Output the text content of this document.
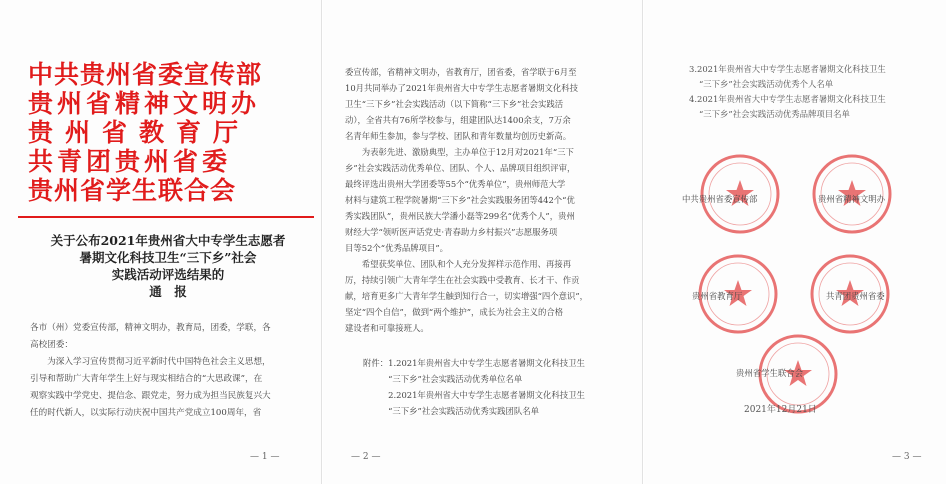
中共贵州省委宣传部
贵州省精神文明办
贵州省教育厅
共青团贵州省委
贵州省学生联合会
关于公布2021年贵州省大中专学生志愿者
暑期文化科技卫生“三下乡”社会
实践活动评选结果的
通　报
各市（州）党委宣传部，精神文明办，教育局，团委，学联，各
高校团委：
　　为深入学习宣传贯彻习近平新时代中国特色社会主义思想，
引导和帮助广大青年学生上好与现实相结合的“大思政课”，在
观察实践中学党史、提信念、跟党走，努力成为担当民族复兴大
任的时代新人，以实际行动庆祝中国共产党成立100周年，省
— 1 —
委宣传部，省精神文明办，省教育厅，团省委，省学联于6月至
10月共同举办了2021年贵州省大中专学生志愿者暑期文化科技
卫生“三下乡”社会实践活动（以下简称“三下乡”社会实践活
动），全省共有76所学校参与，组建团队达1400余支，7万余
名青年师生参加，参与学校、团队和青年数量均创历史新高。
　　为表彰先进、激励典型，主办单位于12月对2021年“三下
乡”社会实践活动优秀单位、团队、个人、品牌项目组织评审，
最终评选出贵州大学团委等55个“优秀单位”，贵州师范大学
材料与建筑工程学院暑期“三下乡”社会实践服务团等442个“优
秀实践团队”，贵州民族大学潘小磊等299名“优秀个人”，贵州
财经大学“领听医声话党史·青春助力乡村振兴”志愿服务项
目等52个“优秀品牌项目”。
　　希望获奖单位、团队和个人充分发挥样示范作用、再接再
厉，持续引领广大青年学生在社会实践中受教育、长才干、作贡
献，培育更多广大青年学生触到知行合一，切实增强“四个意识”，
坚定“四个自信”，做到“两个维护”，成长为社会主义的合格
建设者和可靠接班人。
附件：1.2021年贵州省大中专学生志愿者暑期文化科技卫生
　　　“三下乡”社会实践活动优秀单位名单
　　　2.2021年贵州省大中专学生志愿者暑期文化科技卫生
　　　“三下乡”社会实践活动优秀实践团队名单
— 2 —
3.2021年贵州省大中专学生志愿者暑期文化科技卫生
“三下乡”社会实践活动优秀个人名单
4.2021年贵州省大中专学生志愿者暑期文化科技卫生
“三下乡”社会实践活动优秀品牌项目名单
中共贵州省委宣传部	贵州省精神文明办
贵州省教育厅	共青团贵州省委
贵州省学生联合会
2021年12月21日
— 3 —
